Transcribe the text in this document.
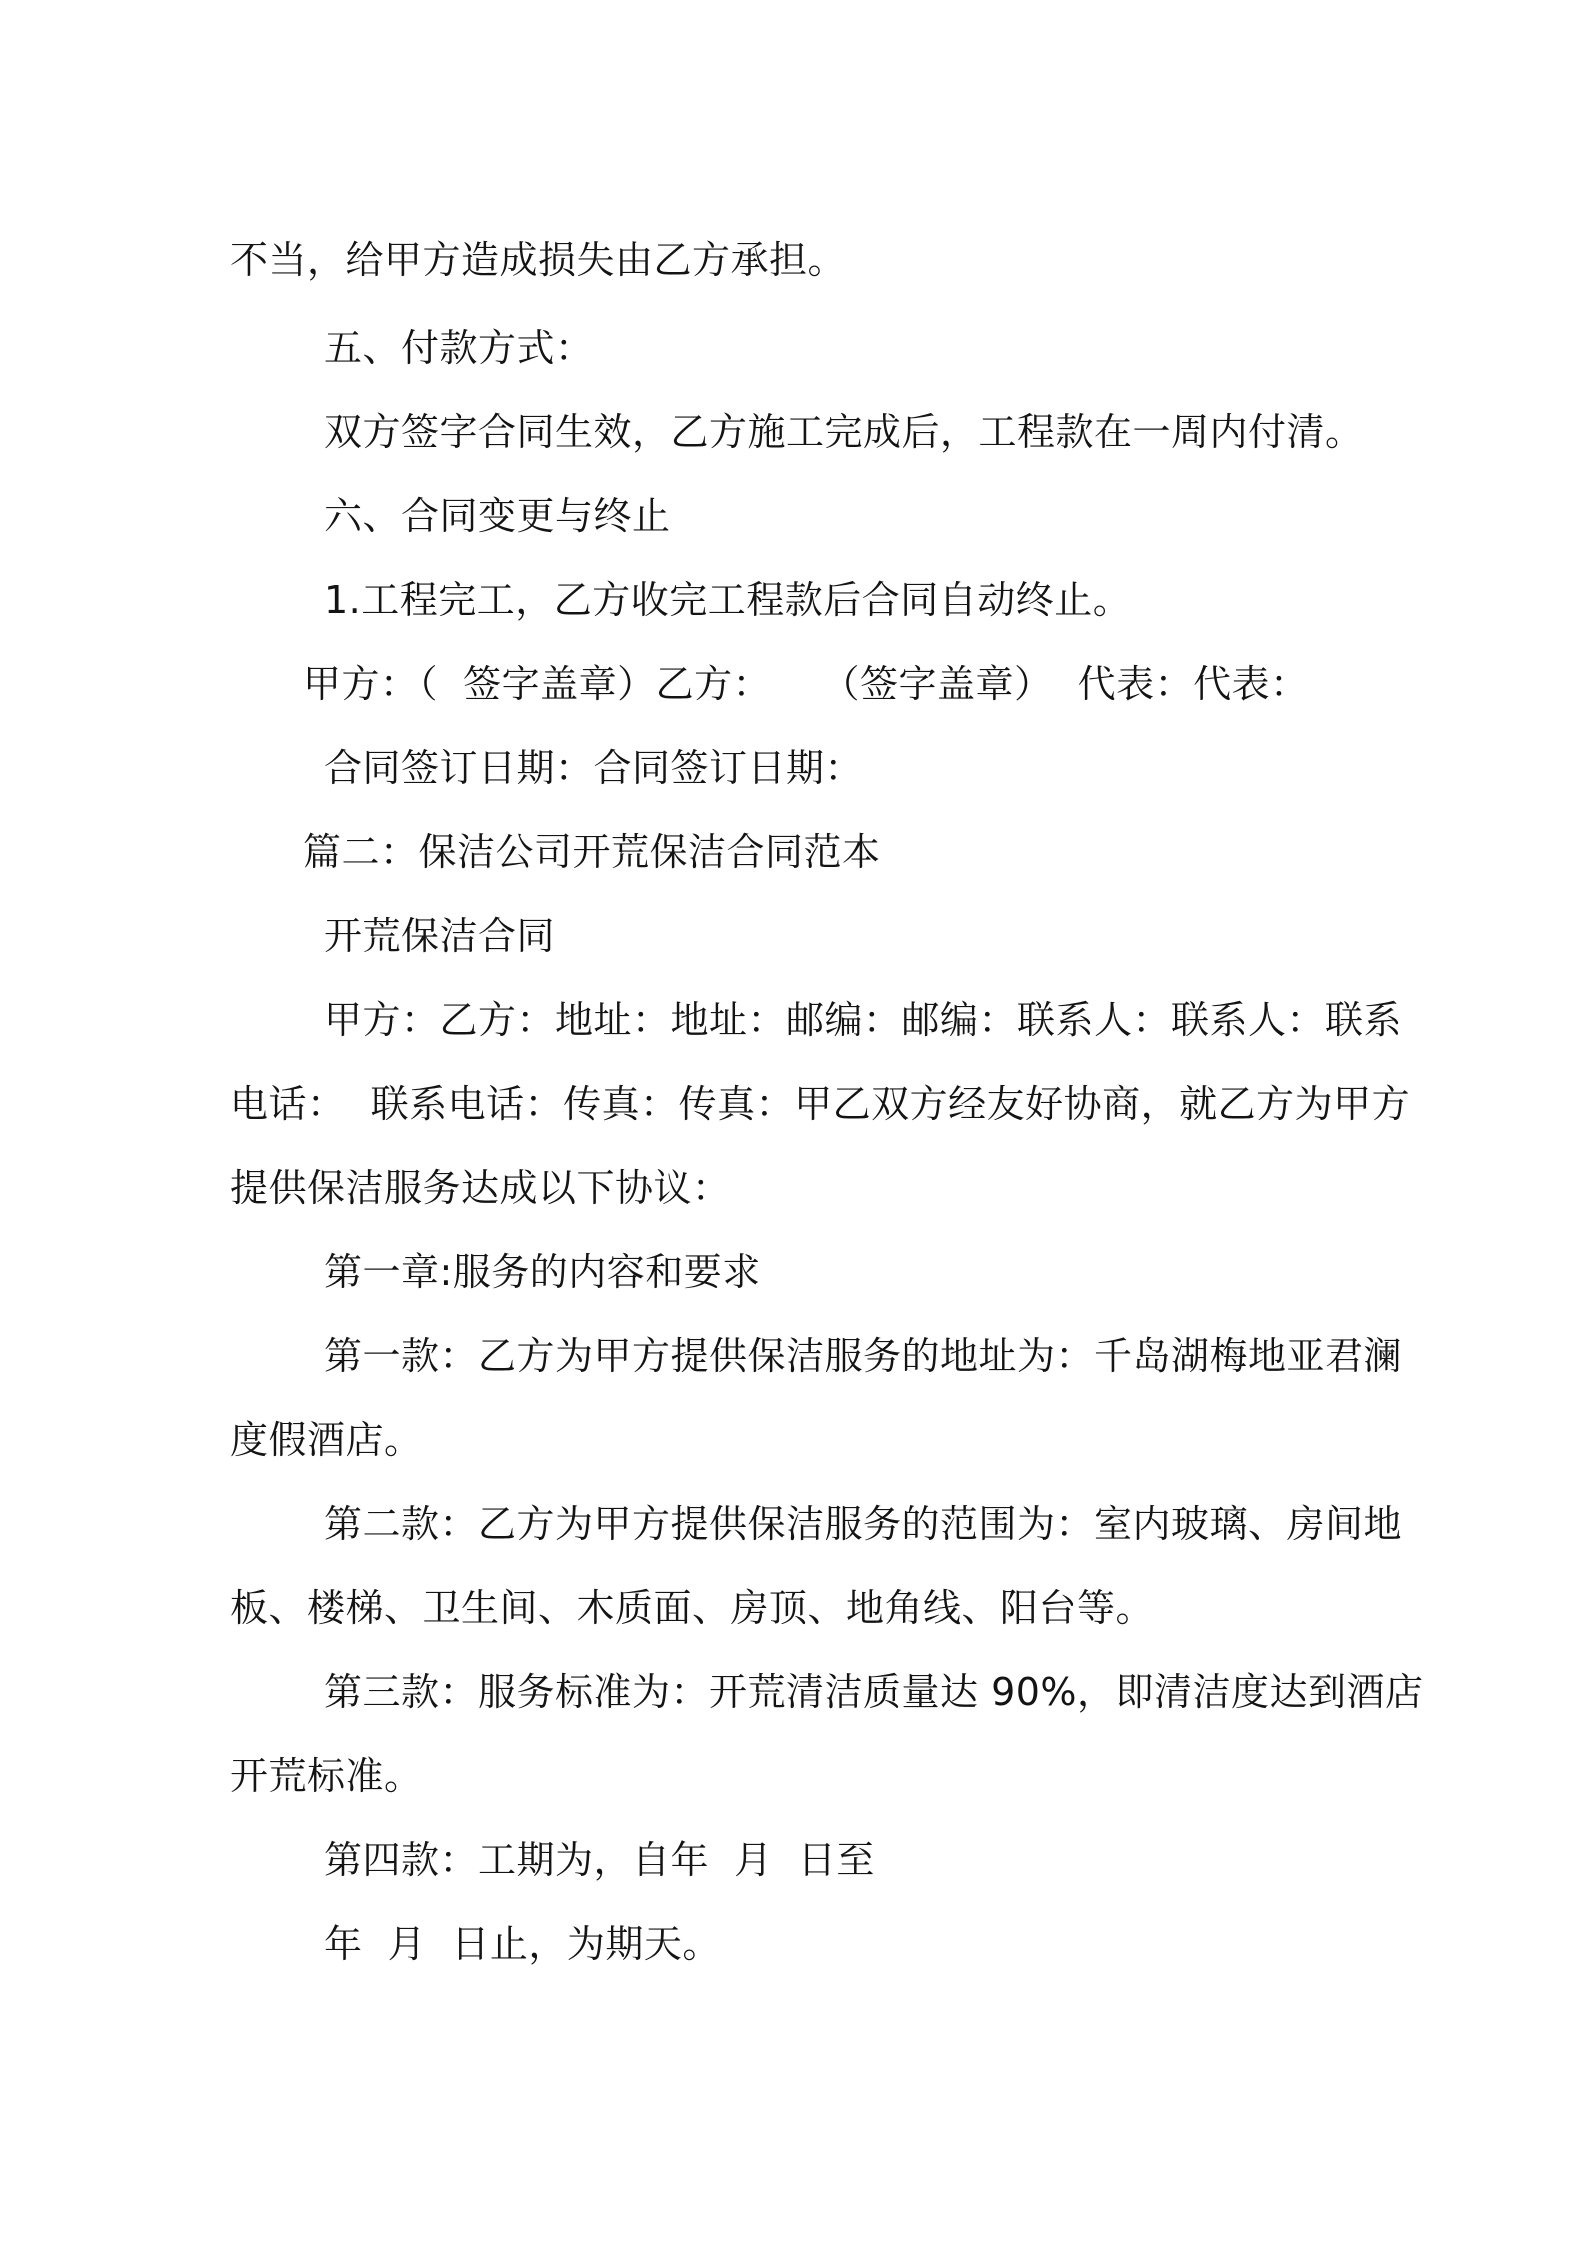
不当，给甲方造成损失由乙方承担。

五、付款方式：

双方签字合同生效，乙方施工完成后，工程款在一周内付清。

六、合同变更与终止

1.工程完工，乙方收完工程款后合同自动终止。

甲方：（  签字盖章）乙方：    （签字盖章）  代表：代表：

合同签订日期：合同签订日期：

篇二：保洁公司开荒保洁合同范本

开荒保洁合同

甲方：乙方：地址：地址：邮编：邮编：联系人：联系人：联系

电话：  联系电话：传真：传真：甲乙双方经友好协商，就乙方为甲方

提供保洁服务达成以下协议：

第一章:服务的内容和要求

第一款：乙方为甲方提供保洁服务的地址为：千岛湖梅地亚君澜

度假酒店。

第二款：乙方为甲方提供保洁服务的范围为：室内玻璃、房间地

板、楼梯、卫生间、木质面、房顶、地角线、阳台等。

第三款：服务标准为：开荒清洁质量达 90%，即清洁度达到酒店

开荒标准。

第四款：工期为，自年  月  日至

年  月  日止，为期天。
